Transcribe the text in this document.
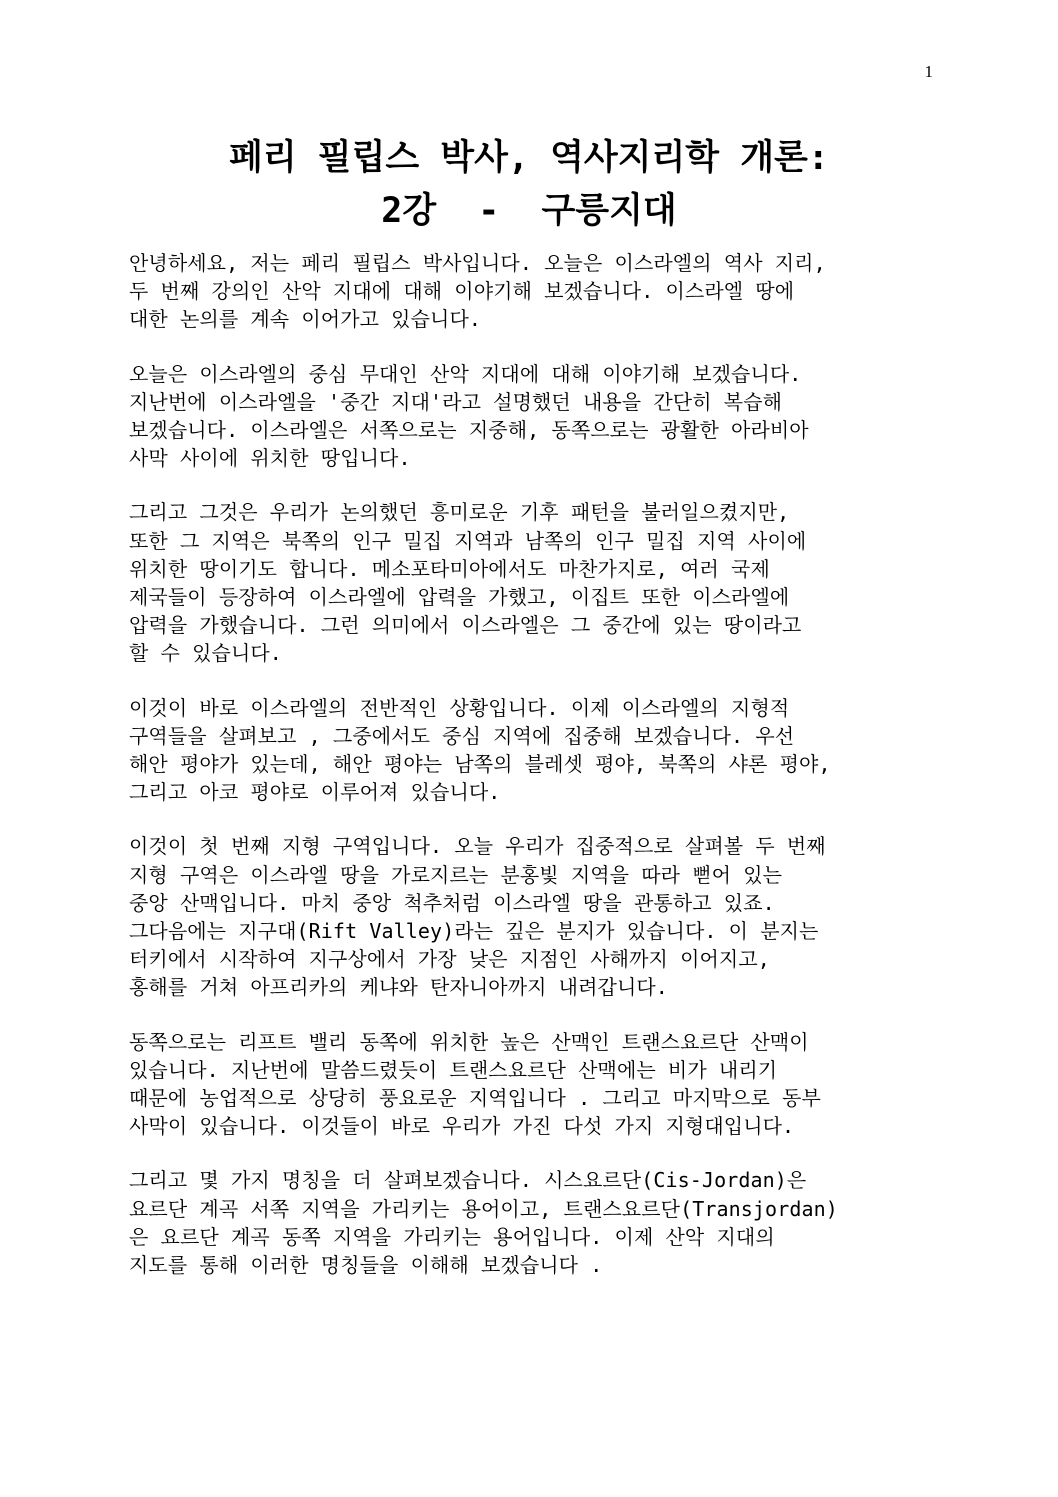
1
페리 필립스 박사, 역사지리학 개론:
2강  -  구릉지대

안녕하세요, 저는 페리 필립스 박사입니다. 오늘은 이스라엘의 역사 지리,
두 번째 강의인 산악 지대에 대해 이야기해 보겠습니다. 이스라엘 땅에
대한 논의를 계속 이어가고 있습니다.

오늘은 이스라엘의 중심 무대인 산악 지대에 대해 이야기해 보겠습니다.
지난번에 이스라엘을 '중간 지대'라고 설명했던 내용을 간단히 복습해
보겠습니다. 이스라엘은 서쪽으로는 지중해, 동쪽으로는 광활한 아라비아
사막 사이에 위치한 땅입니다.

그리고 그것은 우리가 논의했던 흥미로운 기후 패턴을 불러일으켰지만,
또한 그 지역은 북쪽의 인구 밀집 지역과 남쪽의 인구 밀집 지역 사이에
위치한 땅이기도 합니다. 메소포타미아에서도 마찬가지로, 여러 국제
제국들이 등장하여 이스라엘에 압력을 가했고, 이집트 또한 이스라엘에
압력을 가했습니다. 그런 의미에서 이스라엘은 그 중간에 있는 땅이라고
할 수 있습니다.

이것이 바로 이스라엘의 전반적인 상황입니다. 이제 이스라엘의 지형적
구역들을 살펴보고 , 그중에서도 중심 지역에 집중해 보겠습니다. 우선
해안 평야가 있는데, 해안 평야는 남쪽의 블레셋 평야, 북쪽의 샤론 평야,
그리고 아코 평야로 이루어져 있습니다.

이것이 첫 번째 지형 구역입니다. 오늘 우리가 집중적으로 살펴볼 두 번째
지형 구역은 이스라엘 땅을 가로지르는 분홍빛 지역을 따라 뻗어 있는
중앙 산맥입니다. 마치 중앙 척추처럼 이스라엘 땅을 관통하고 있죠.
그다음에는 지구대(Rift Valley)라는 깊은 분지가 있습니다. 이 분지는
터키에서 시작하여 지구상에서 가장 낮은 지점인 사해까지 이어지고,
홍해를 거쳐 아프리카의 케냐와 탄자니아까지 내려갑니다.

동쪽으로는 리프트 밸리 동쪽에 위치한 높은 산맥인 트랜스요르단 산맥이
있습니다. 지난번에 말씀드렸듯이 트랜스요르단 산맥에는 비가 내리기
때문에 농업적으로 상당히 풍요로운 지역입니다 . 그리고 마지막으로 동부
사막이 있습니다. 이것들이 바로 우리가 가진 다섯 가지 지형대입니다.

그리고 몇 가지 명칭을 더 살펴보겠습니다. 시스요르단(Cis-Jordan)은
요르단 계곡 서쪽 지역을 가리키는 용어이고, 트랜스요르단(Transjordan)
은 요르단 계곡 동쪽 지역을 가리키는 용어입니다. 이제 산악 지대의
지도를 통해 이러한 명칭들을 이해해 보겠습니다 .
